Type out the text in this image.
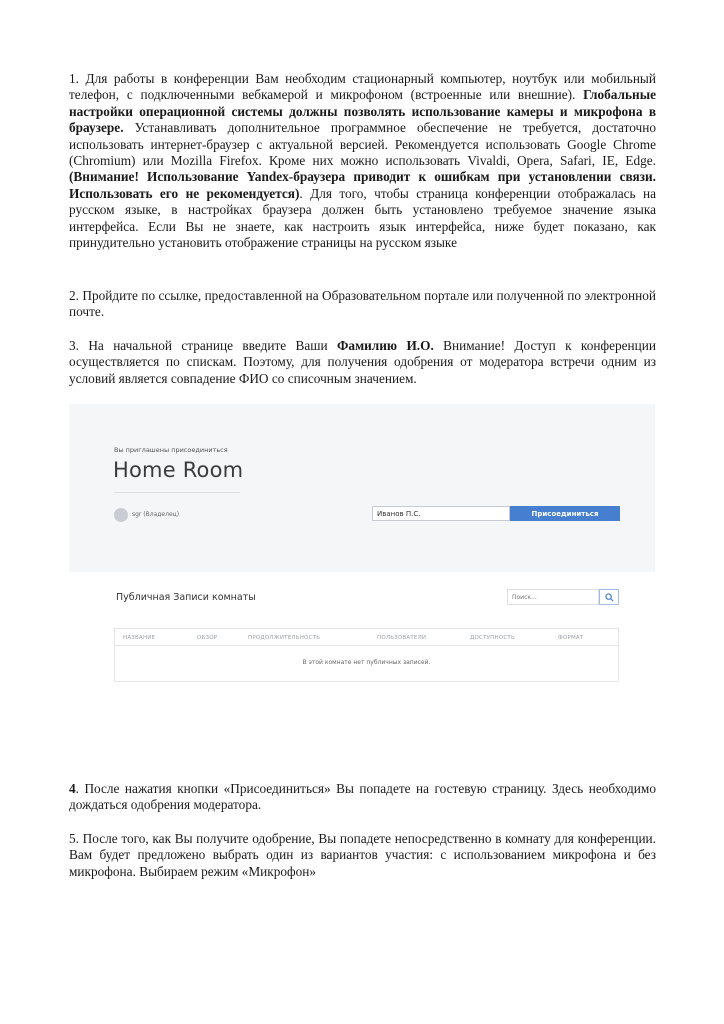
1. Для работы в конференции Вам необходим стационарный компьютер, ноутбук или мобильный телефон, с подключенными вебкамерой и микрофоном (встроенные или внешние). Глобальные настройки операционной системы должны позволять использование камеры и микрофона в браузере. Устанавливать дополнительное программное обеспечение не требуется, достаточно использовать интернет-браузер с актуальной версией. Рекомендуется использовать Google Chrome (Chromium) или Mozilla Firefox. Кроме них можно использовать Vivaldi, Opera, Safari, IE, Edge. (Внимание! Использование Yandex-браузера приводит к ошибкам при установлении связи. Использовать его не рекомендуется). Для того, чтобы страница конференции отображалась на русском языке, в настройках браузера должен быть установлено требуемое значение языка интерфейса. Если Вы не знаете, как настроить язык интерфейса, ниже будет показано, как принудительно установить отображение страницы на русском языке
2. Пройдите по ссылке, предоставленной на Образовательном портале или полученной по электронной почте.
3. На начальной странице введите Ваши Фамилию И.О. Внимание! Доступ к конференции осуществляется по спискам. Поэтому, для получения одобрения от модератора встречи одним из условий является совпадение ФИО со списочным значением.
Вы приглашены присоединиться
Home Room
sgr (Владелец)
Иванов П.С.	Присоединиться
Публичная Записи комнаты
Поиск...
НАЗВАНИЕ	ОБЗОР	ПРОДОЛЖИТЕЛЬНОСТЬ	ПОЛЬЗОВАТЕЛИ	ДОСТУПНОСТЬ	ФОРМАТ
В этой комнате нет публичных записей.
4. После нажатия кнопки «Присоединиться» Вы попадете на гостевую страницу. Здесь необходимо дождаться одобрения модератора.
5. После того, как Вы получите одобрение, Вы попадете непосредственно в комнату для конференции. Вам будет предложено выбрать один из вариантов участия: с использованием микрофона и без микрофона. Выбираем режим «Микрофон»
